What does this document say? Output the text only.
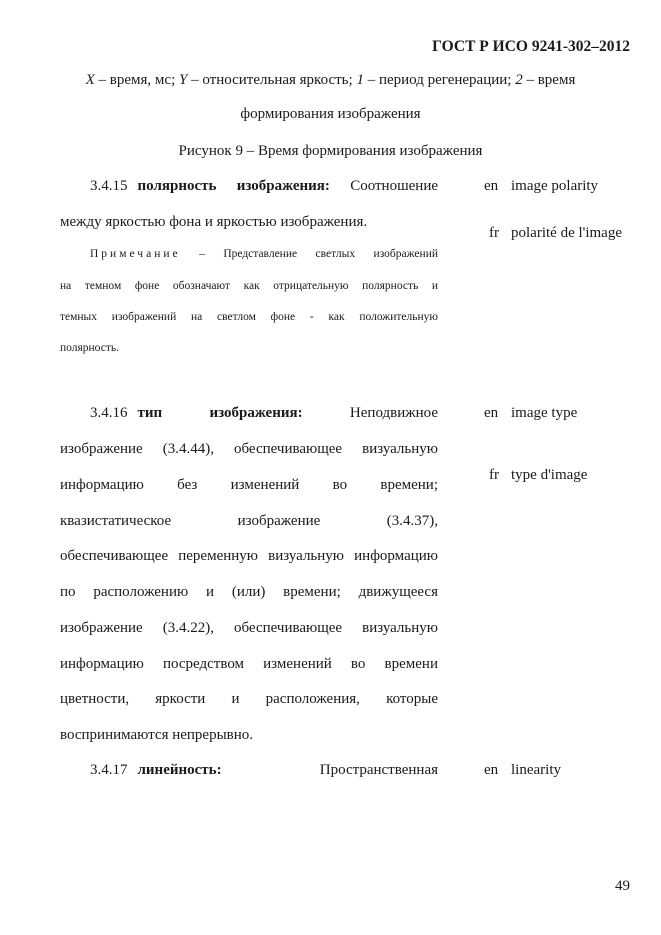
ГОСТ Р ИСО 9241-302–2012
X – время, мс; Y – относительная яркость; 1 – период регенерации; 2 – время
формирования изображения
Рисунок 9 – Время формирования изображения
3.4.15 полярность изображения: Соотношение
между яркостью фона и яркостью изображения.
Примечание – Представление светлых изображений
на темном фоне обозначают как отрицательную полярность и
темных изображений на светлом фоне - как положительную
полярность.
en image polarity
fr polarité de l'image
3.4.16 тип	изображения:	Неподвижное
изображение (3.4.44), обеспечивающее визуальную
информацию без изменений во времени;
квазистатическое изображение (3.4.37),
обеспечивающее переменную визуальную информацию
по расположению и (или) времени; движущееся
изображение (3.4.22), обеспечивающее визуальную
информацию посредством изменений во времени
цветности, яркости и расположения, которые
воспринимаются непрерывно.
en image type
fr type d'image
3.4.17 линейность:	Пространственная	en linearity
49
